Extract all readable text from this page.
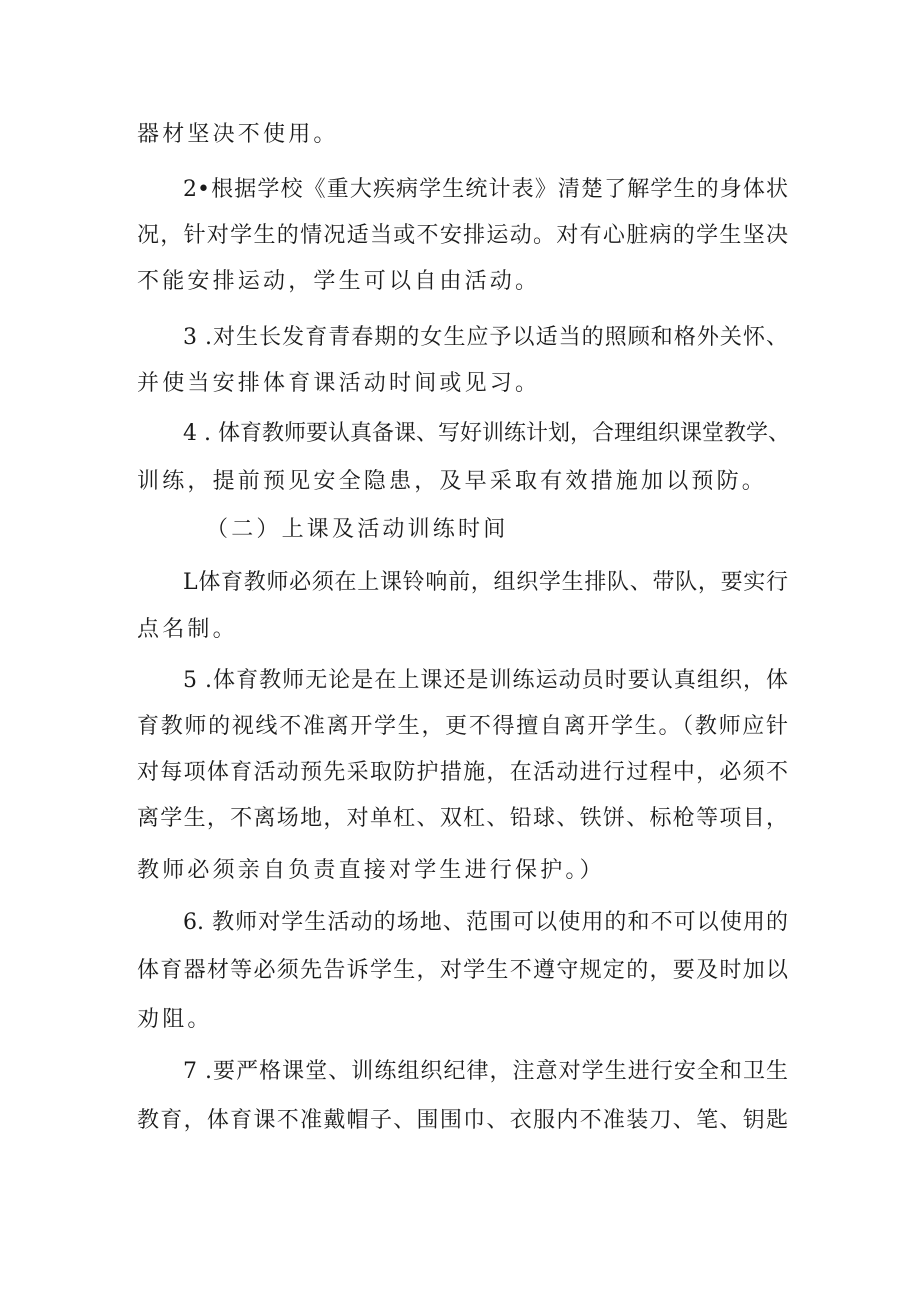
器材坚决不使用。
2•根据学校《重大疾病学生统计表》清楚了解学生的身体状
况，针对学生的情况适当或不安排运动。对有心脏病的学生坚决
不能安排运动，学生可以自由活动。
3 .对生长发育青春期的女生应予以适当的照顾和格外关怀、
并使当安排体育课活动时间或见习。
4 . 体育教师要认真备课、写好训练计划，合理组织课堂教学、
训练，提前预见安全隐患，及早采取有效措施加以预防。
（二）上课及活动训练时间
L体育教师必须在上课铃响前，组织学生排队、带队，要实行
点名制。
5 .体育教师无论是在上课还是训练运动员时要认真组织，体
育教师的视线不准离开学生，更不得擅自离开学生。（教师应针
对每项体育活动预先采取防护措施，在活动进行过程中，必须不
离学生，不离场地，对单杠、双杠、铅球、铁饼、标枪等项目，
教师必须亲自负责直接对学生进行保护。）
6. 教师对学生活动的场地、范围可以使用的和不可以使用的
体育器材等必须先告诉学生，对学生不遵守规定的，要及时加以
劝阻。
7 .要严格课堂、训练组织纪律，注意对学生进行安全和卫生
教育，体育课不准戴帽子、围围巾、衣服内不准装刀、笔、钥匙
